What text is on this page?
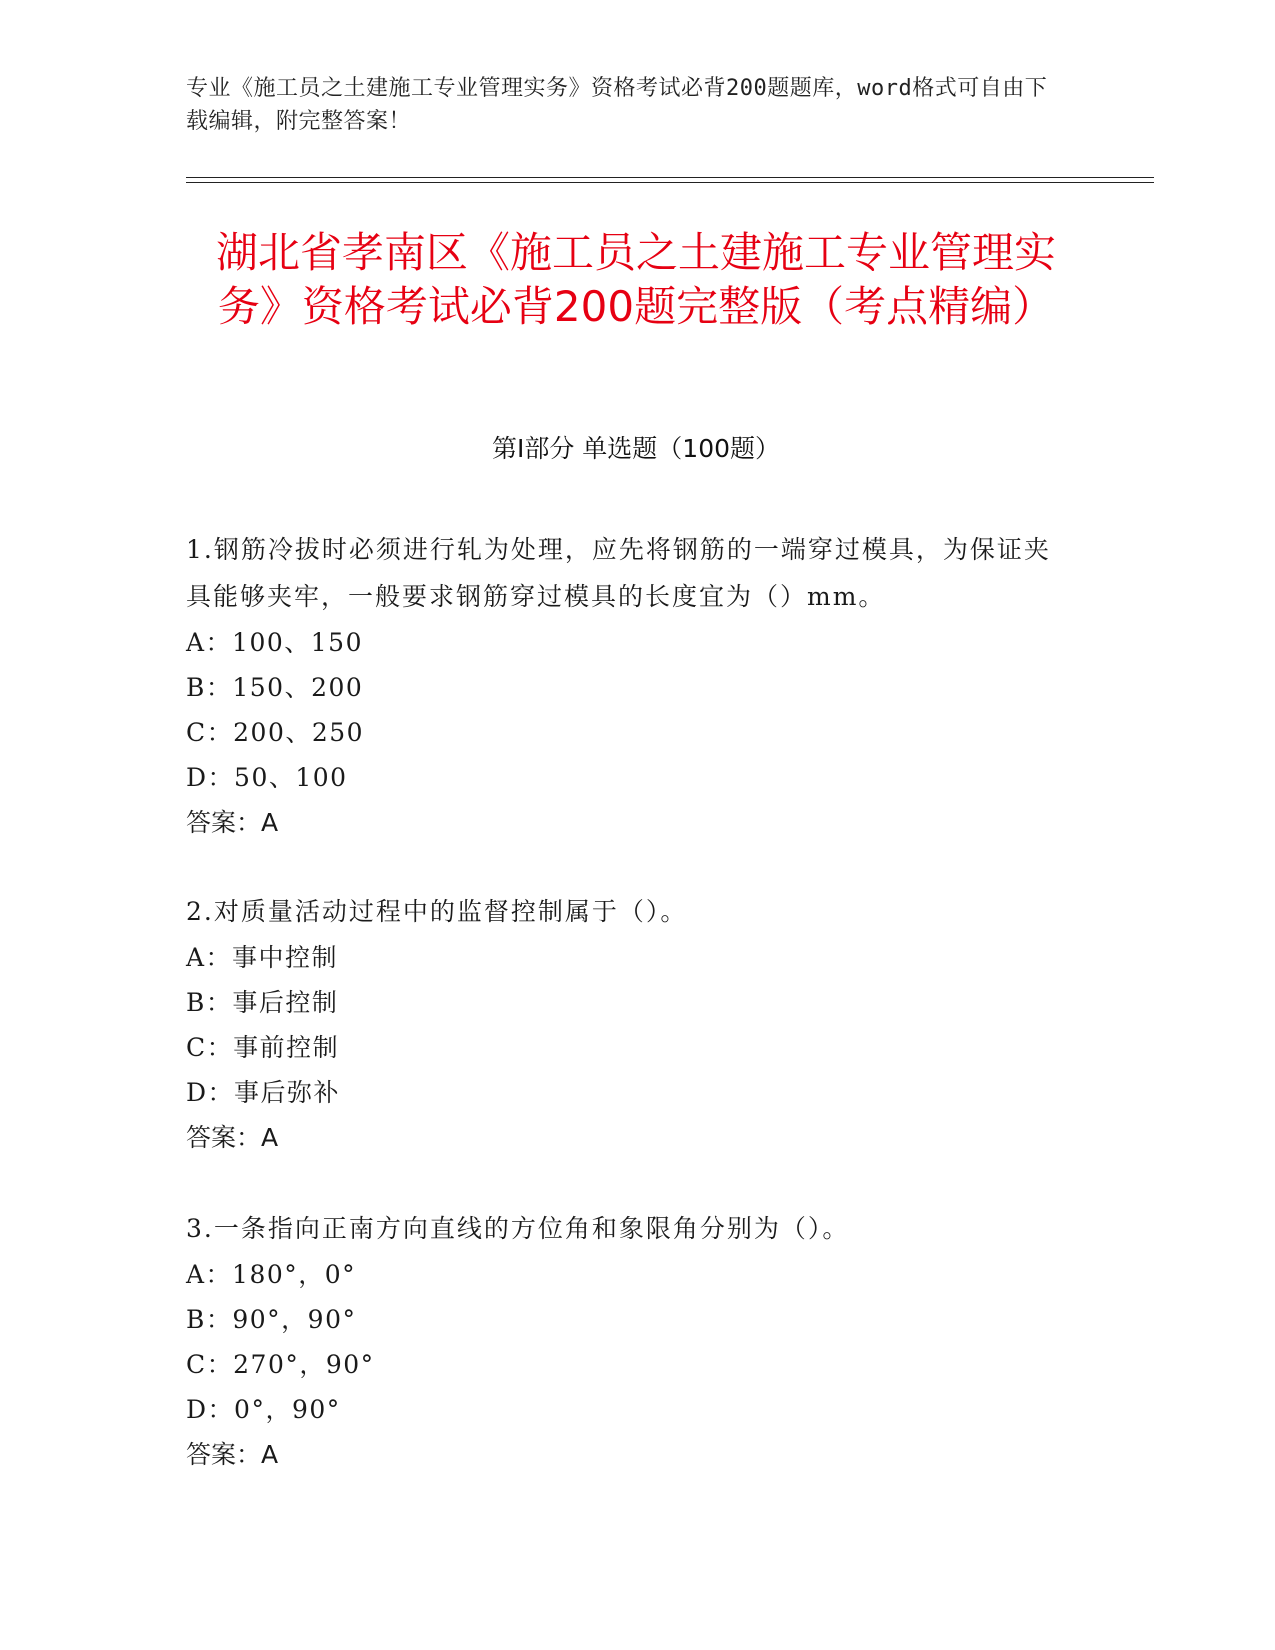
专业《施工员之土建施工专业管理实务》资格考试必背200题题库，word格式可自由下载编辑，附完整答案！
湖北省孝南区《施工员之土建施工专业管理实务》资格考试必背200题完整版（考点精编）
第Ⅰ部分 单选题（100题）

1.钢筋冷拔时必须进行轧为处理，应先将钢筋的一端穿过模具，为保证夹具能够夹牢，一般要求钢筋穿过模具的长度宜为（）mm。

A：100、150

B：150、200

C：200、250

D：50、100

答案：A

2.对质量活动过程中的监督控制属于（）。

A：事中控制

B：事后控制

C：事前控制

D：事后弥补

答案：A

3.一条指向正南方向直线的方位角和象限角分别为（）。

A：180°，0°

B：90°，90°

C：270°，90°

D：0°，90°

答案：A
